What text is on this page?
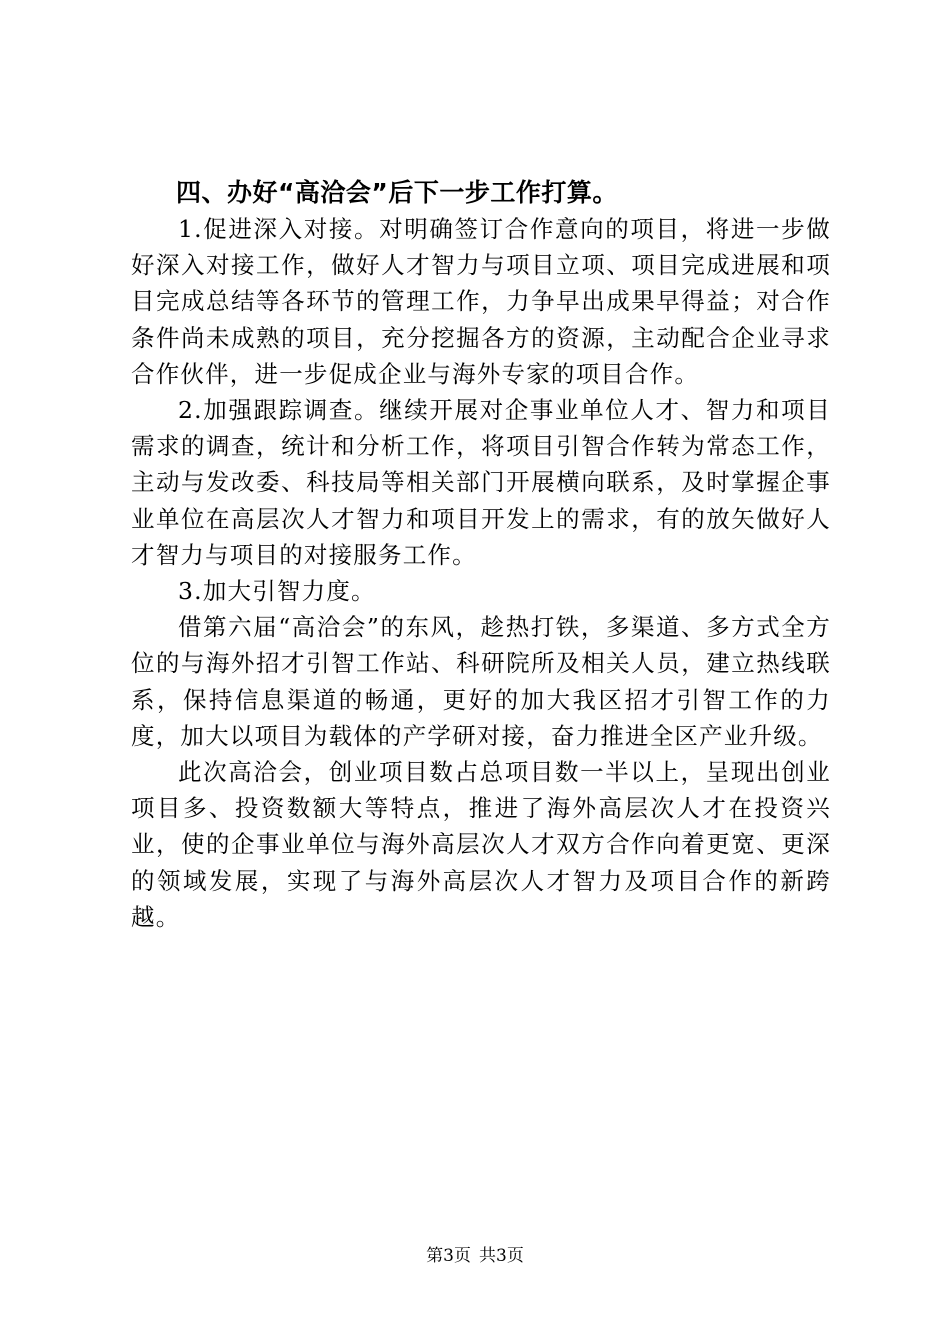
四、办好“高洽会”后下一步工作打算。

1.促进深入对接。对明确签订合作意向的项目，将进一步做好深入对接工作，做好人才智力与项目立项、项目完成进展和项目完成总结等各环节的管理工作，力争早出成果早得益；对合作条件尚未成熟的项目，充分挖掘各方的资源，主动配合企业寻求合作伙伴，进一步促成企业与海外专家的项目合作。

2.加强跟踪调查。继续开展对企事业单位人才、智力和项目需求的调查，统计和分析工作，将项目引智合作转为常态工作，主动与发改委、科技局等相关部门开展横向联系，及时掌握企事业单位在高层次人才智力和项目开发上的需求，有的放矢做好人才智力与项目的对接服务工作。

3.加大引智力度。

借第六届“高洽会”的东风，趁热打铁，多渠道、多方式全方位的与海外招才引智工作站、科研院所及相关人员，建立热线联系，保持信息渠道的畅通，更好的加大我区招才引智工作的力度，加大以项目为载体的产学研对接，奋力推进全区产业升级。

此次高洽会，创业项目数占总项目数一半以上，呈现出创业项目多、投资数额大等特点，推进了海外高层次人才在投资兴业，使的企事业单位与海外高层次人才双方合作向着更宽、更深的领域发展，实现了与海外高层次人才智力及项目合作的新跨越。

第3页 共3页
